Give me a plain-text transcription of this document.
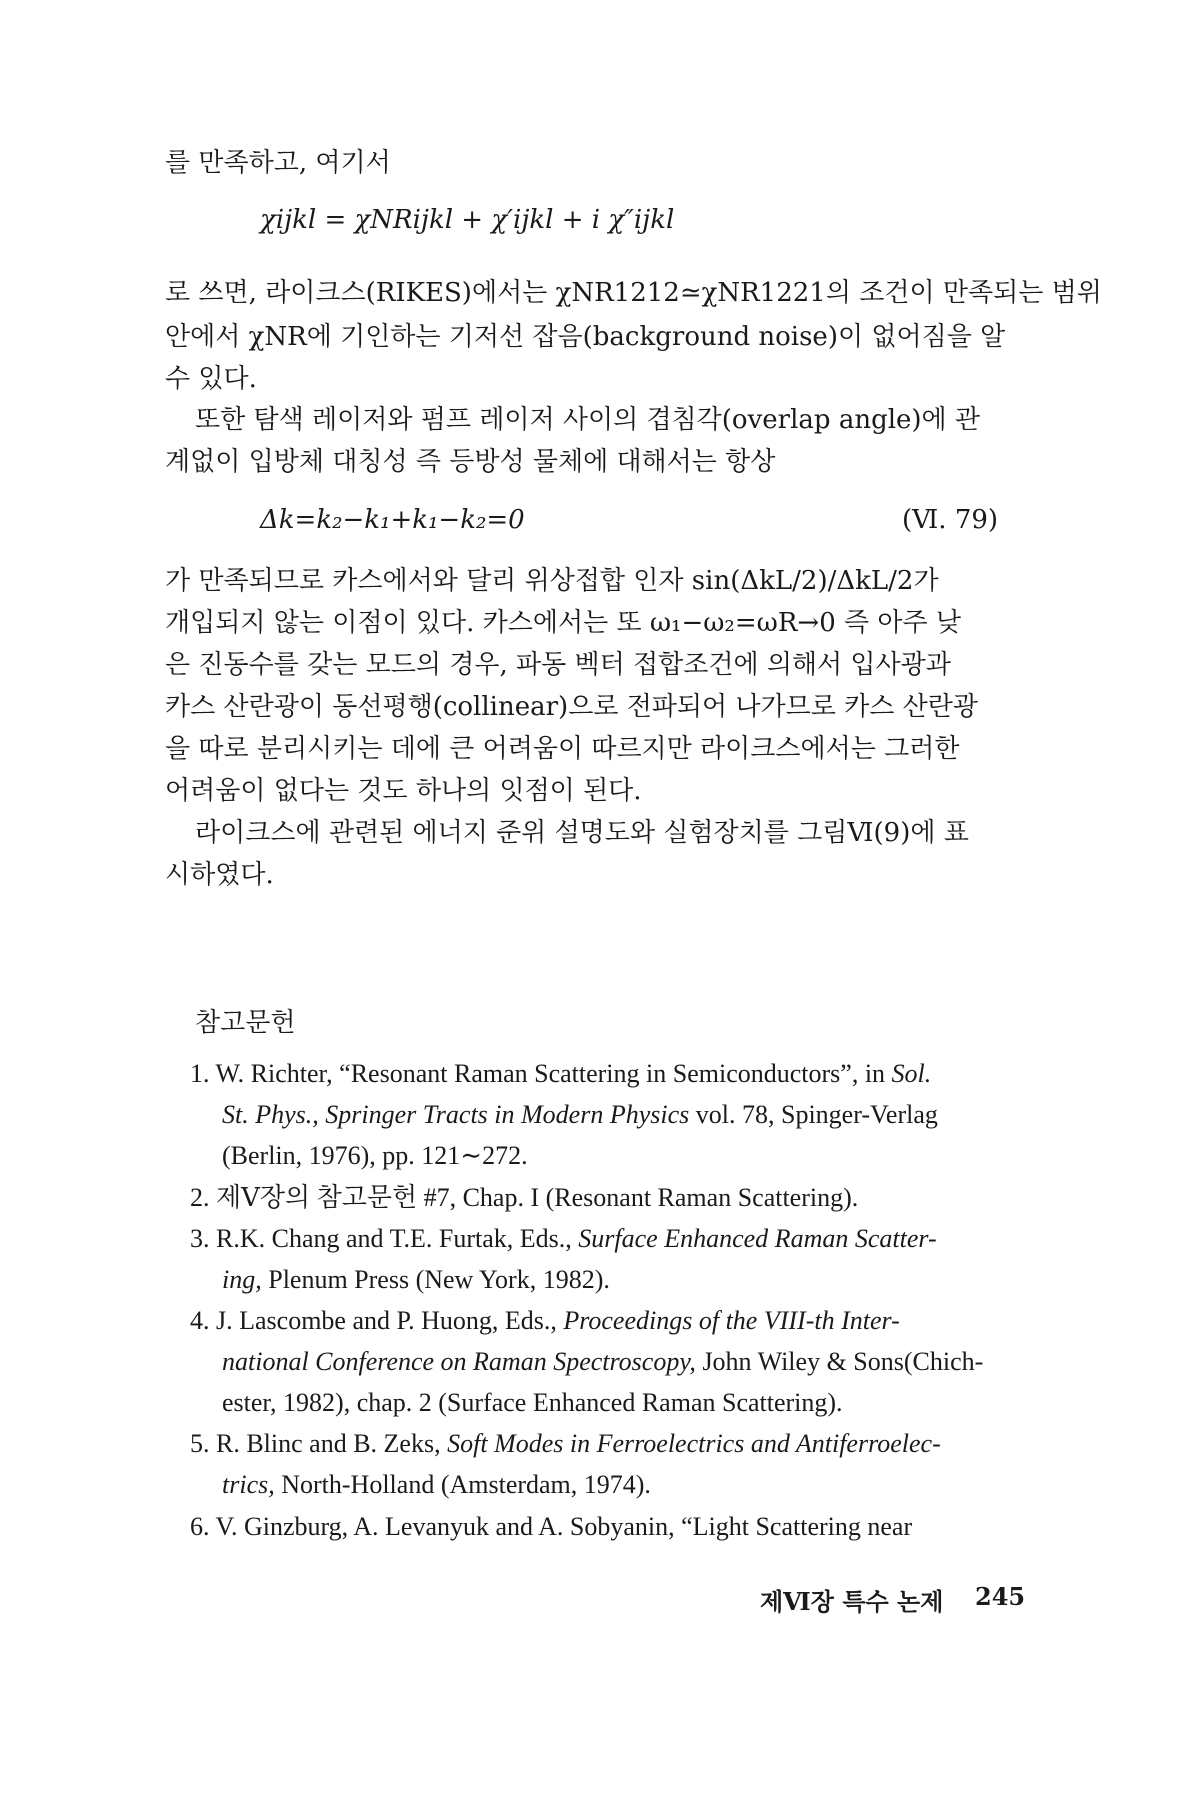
를 만족하고, 여기서
χijkl = χNRijkl + χ′ijkl + i χ″ijkl
로 쓰면, 라이크스(RIKES)에서는 χNR1212≃χNR1221의 조건이 만족되는 범위
안에서 χNR에 기인하는 기저선 잡음(background noise)이 없어짐을 알
수 있다.
또한 탐색 레이저와 펌프 레이저 사이의 겹침각(overlap angle)에 관
계없이 입방체 대칭성 즉 등방성 물체에 대해서는 항상
Δk=k₂−k₁+k₁−k₂=0	(Ⅵ. 79)
가 만족되므로 카스에서와 달리 위상접합 인자 sin(ΔkL/2)/ΔkL/2가
개입되지 않는 이점이 있다. 카스에서는 또 ω₁−ω₂=ωR→0 즉 아주 낮
은 진동수를 갖는 모드의 경우, 파동 벡터 접합조건에 의해서 입사광과
카스 산란광이 동선평행(collinear)으로 전파되어 나가므로 카스 산란광
을 따로 분리시키는 데에 큰 어려움이 따르지만 라이크스에서는 그러한
어려움이 없다는 것도 하나의 잇점이 된다.
라이크스에 관련된 에너지 준위 설명도와 실험장치를 그림Ⅵ(9)에 표
시하였다.
참고문헌
1. W. Richter, “Resonant Raman Scattering in Semiconductors”, in Sol.
St. Phys., Springer Tracts in Modern Physics vol. 78, Spinger-Verlag
(Berlin, 1976), pp. 121∼272.
2. 제Ⅴ장의 참고문헌 #7, Chap. I (Resonant Raman Scattering).
3. R.K. Chang and T.E. Furtak, Eds., Surface Enhanced Raman Scatter-
ing, Plenum Press (New York, 1982).
4. J. Lascombe and P. Huong, Eds., Proceedings of the VIII-th Inter-
national Conference on Raman Spectroscopy, John Wiley & Sons(Chich-
ester, 1982), chap. 2 (Surface Enhanced Raman Scattering).
5. R. Blinc and B. Zeks, Soft Modes in Ferroelectrics and Antiferroelec-
trics, North-Holland (Amsterdam, 1974).
6. V. Ginzburg, A. Levanyuk and A. Sobyanin, “Light Scattering near
제Ⅵ장 특수 논제 245
